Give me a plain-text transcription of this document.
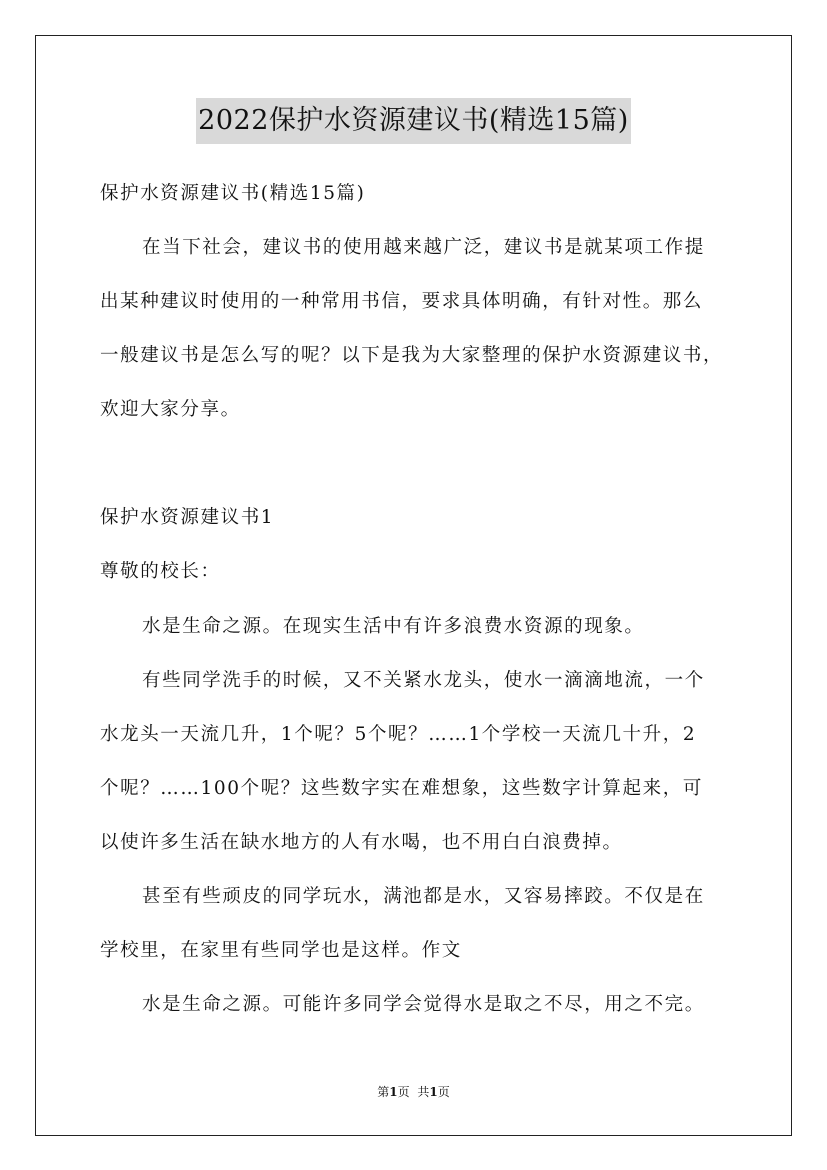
2022保护水资源建议书(精选15篇)
保护水资源建议书(精选15篇)
在当下社会，建议书的使用越来越广泛，建议书是就某项工作提
出某种建议时使用的一种常用书信，要求具体明确，有针对性。那么
一般建议书是怎么写的呢？以下是我为大家整理的保护水资源建议书，
欢迎大家分享。
保护水资源建议书1
尊敬的校长：
水是生命之源。在现实生活中有许多浪费水资源的现象。
有些同学洗手的时候，又不关紧水龙头，使水一滴滴地流，一个
水龙头一天流几升，1个呢？5个呢？……1个学校一天流几十升，2
个呢？……100个呢？这些数字实在难想象，这些数字计算起来，可
以使许多生活在缺水地方的人有水喝，也不用白白浪费掉。
甚至有些顽皮的同学玩水，满池都是水，又容易摔跤。不仅是在
学校里，在家里有些同学也是这样。作文
水是生命之源。可能许多同学会觉得水是取之不尽，用之不完。
第1页 共1页
